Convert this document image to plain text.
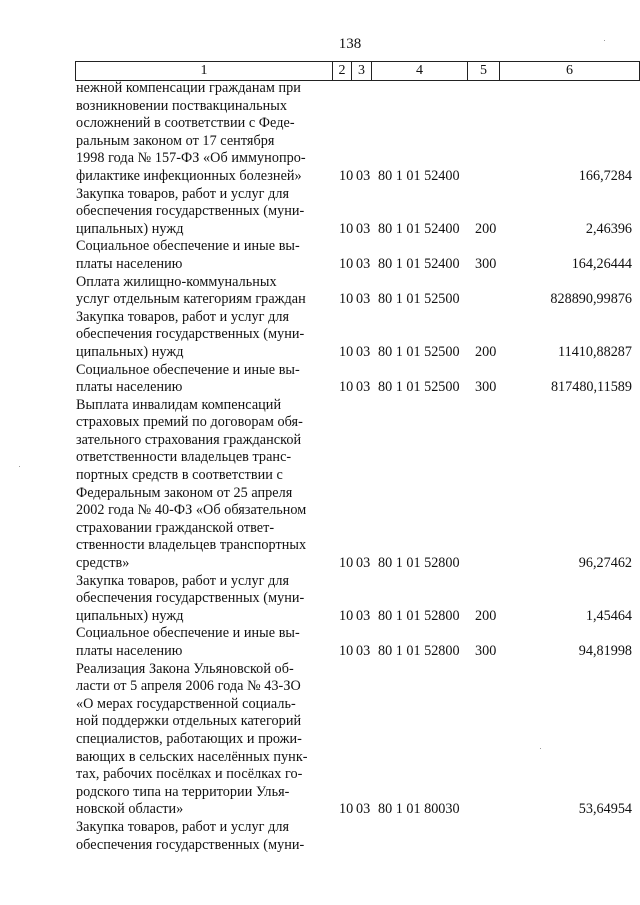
138
1	2 3	4	5	6
нежной компенсации гражданам при
возникновении поствакцинальных
осложнений в соответствии с Феде-
ральным законом от 17 сентября
1998 года № 157-ФЗ «Об иммунопро-
филактике инфекционных болезней»	10 03 80 1 01 52400	166,7284
Закупка товаров, работ и услуг для
обеспечения государственных (муни-
ципальных) нужд	10 03 80 1 01 52400 200	2,46396
Социальное обеспечение и иные вы-
платы населению	10 03 80 1 01 52400 300	164,26444
Оплата жилищно-коммунальных
услуг отдельным категориям граждан	10 03 80 1 01 52500	828890,99876
Закупка товаров, работ и услуг для
обеспечения государственных (муни-
ципальных) нужд	10 03 80 1 01 52500 200	11410,88287
Социальное обеспечение и иные вы-
платы населению	10 03 80 1 01 52500 300	817480,11589
Выплата инвалидам компенсаций
страховых премий по договорам обя-
зательного страхования гражданской
ответственности владельцев транс-
портных средств в соответствии с
Федеральным законом от 25 апреля
2002 года № 40-ФЗ «Об обязательном
страховании гражданской ответ-
ственности владельцев транспортных
средств»	10 03 80 1 01 52800	96,27462
Закупка товаров, работ и услуг для
обеспечения государственных (муни-
ципальных) нужд	10 03 80 1 01 52800 200	1,45464
Социальное обеспечение и иные вы-
платы населению	10 03 80 1 01 52800 300	94,81998
Реализация Закона Ульяновской об-
ласти от 5 апреля 2006 года № 43-ЗО
«О мерах государственной социаль-
ной поддержки отдельных категорий
специалистов, работающих и прожи-
вающих в сельских населённых пунк-
тах, рабочих посёлках и посёлках го-
родского типа на территории Улья-
новской области»	10 03 80 1 01 80030	53,64954
Закупка товаров, работ и услуг для
обеспечения государственных (муни-
